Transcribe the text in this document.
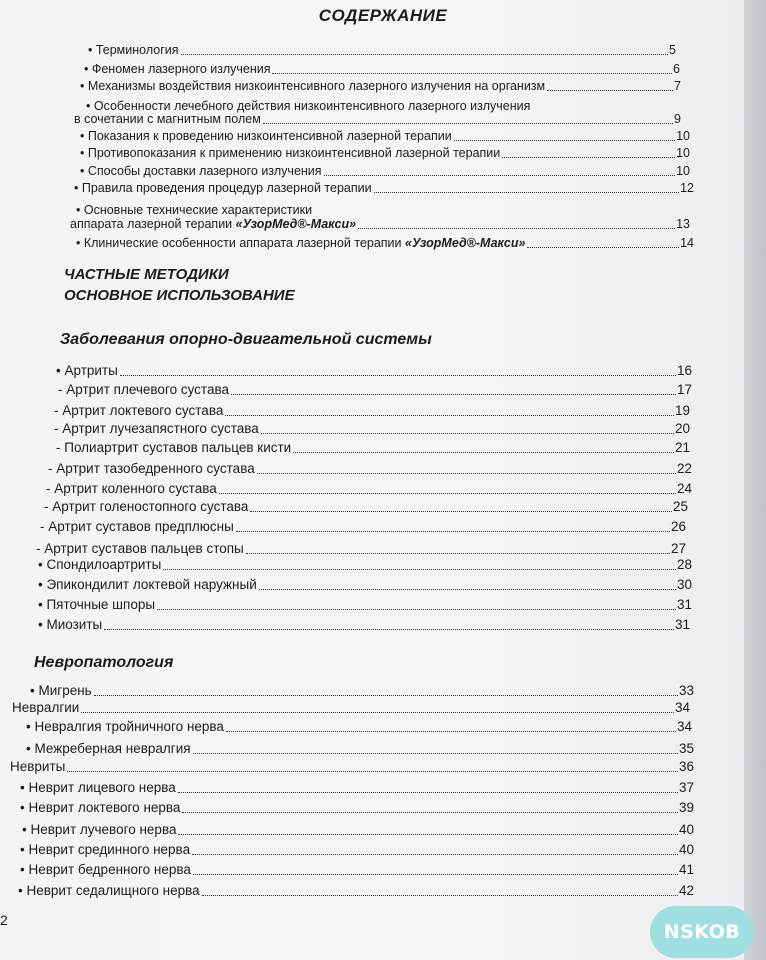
СОДЕРЖАНИЕ
• Терминология	5
• Феномен лазерного излучения	6
• Механизмы воздействия низкоинтенсивного лазерного излучения на организм	7
• Особенности лечебного действия низкоинтенсивного лазерного излучения
в сочетании с магнитным полем	9
• Показания к проведению низкоинтенсивной лазерной терапии	10
• Противопоказания к применению низкоинтенсивной лазерной терапии	10
• Способы доставки лазерного излучения	10
• Правила проведения процедур лазерной терапии	12
• Основные технические характеристики
аппарата лазерной терапии «УзорМед®-Макси»	13
• Клинические особенности аппарата лазерной терапии «УзорМед®-Макси»	14
ЧАСТНЫЕ МЕТОДИКИ
ОСНОВНОЕ ИСПОЛЬЗОВАНИЕ
Заболевания опорно-двигательной системы
• Артриты	16
- Артрит плечевого сустава	17
- Артрит локтевого сустава	19
- Артрит лучезапястного сустава	20
- Полиартрит суставов пальцев кисти	21
- Артрит тазобедренного сустава	22
- Артрит коленного сустава	24
- Артрит голеностопного сустава	25
- Артрит суставов предплюсны	26
- Артрит суставов пальцев стопы	27
• Спондилоартриты	28
• Эпикондилит локтевой наружный	30
• Пяточные шпоры	31
• Миозиты	31
Невропатология
• Мигрень	33
Невралгии	34
• Невралгия тройничного нерва	34
• Межреберная невралгия	35
Невриты	36
• Неврит лицевого нерва	37
• Неврит локтевого нерва	39
• Неврит лучевого нерва	40
• Неврит срединного нерва	40
• Неврит бедренного нерва	41
• Неврит седалищного нерва	42
2
NSKOB
